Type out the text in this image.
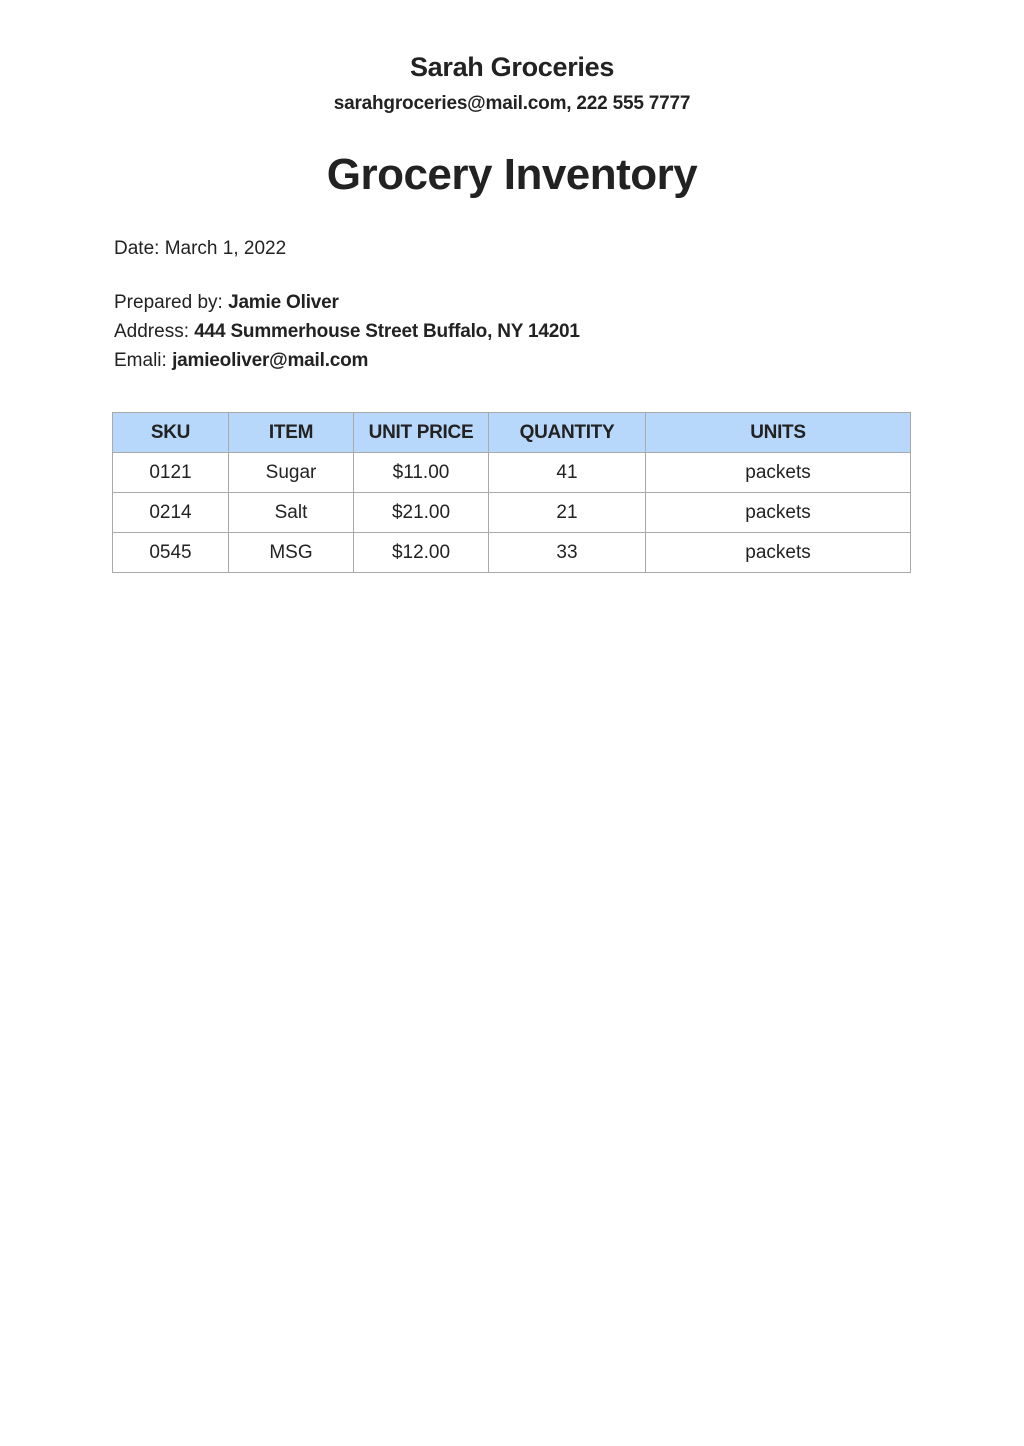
Sarah Groceries
sarahgroceries@mail.com, 222 555 7777
Grocery Inventory
Date: March 1, 2022
Prepared by: Jamie Oliver
Address: 444 Summerhouse Street Buffalo, NY 14201
Emali: jamieoliver@mail.com
SKU	ITEM	UNIT PRICE	QUANTITY	UNITS
0121	Sugar	$11.00	41	packets
0214	Salt	$21.00	21	packets
0545	MSG	$12.00	33	packets
